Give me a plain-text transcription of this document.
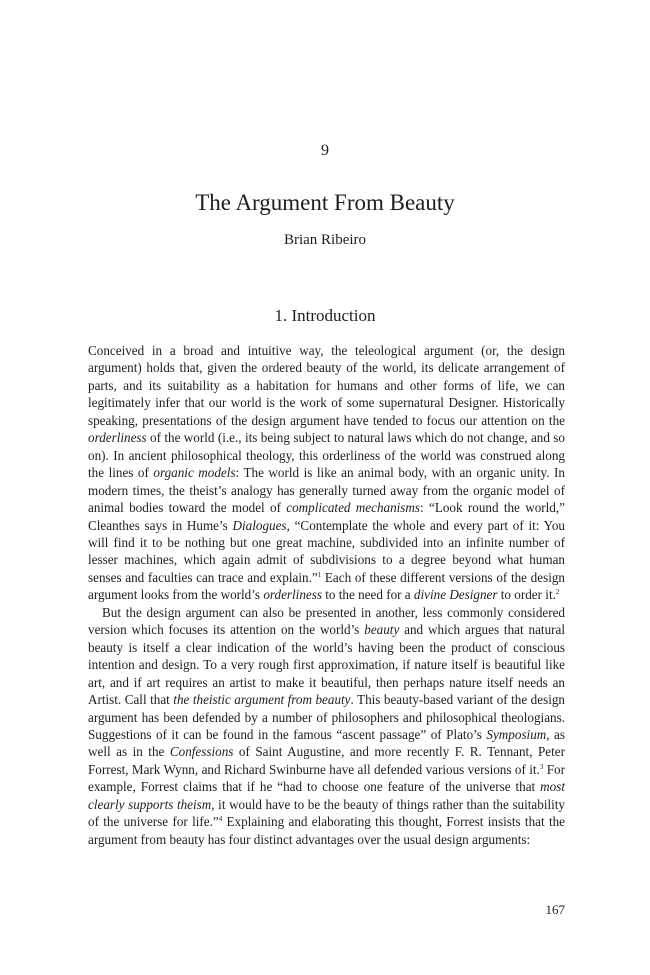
9
The Argument From Beauty
Brian Ribeiro
1. Introduction

Conceived in a broad and intuitive way, the teleological argument (or, the design argument) holds that, given the ordered beauty of the world, its delicate arrangement of parts, and its suitability as a habitation for humans and other forms of life, we can legitimately infer that our world is the work of some supernatural Designer. Historically speaking, presentations of the design argument have tended to focus our attention on the orderliness of the world (i.e., its being subject to natural laws which do not change, and so on). In ancient philosophical theology, this orderliness of the world was construed along the lines of organic models: The world is like an animal body, with an organic unity. In modern times, the theist’s analogy has generally turned away from the organic model of animal bodies toward the model of complicated mechanisms: “Look round the world,” Cleanthes says in Hume’s Dialogues, “Contemplate the whole and every part of it: You will find it to be nothing but one great machine, subdivided into an infinite number of lesser machines, which again admit of subdivisions to a degree beyond what human senses and faculties can trace and explain.”$^1$ Each of these different versions of the design argument looks from the world’s orderliness to the need for a divine Designer to order it.$^2$

But the design argument can also be presented in another, less commonly considered version which focuses its attention on the world’s beauty and which argues that natural beauty is itself a clear indication of the world’s having been the product of conscious intention and design. To a very rough first approximation, if nature itself is beautiful like art, and if art requires an artist to make it beautiful, then perhaps nature itself needs an Artist. Call that the theistic argument from beauty. This beauty-based variant of the design argument has been defended by a number of philosophers and philosophical theologians. Suggestions of it can be found in the famous “ascent passage” of Plato’s Symposium, as well as in the Confessions of Saint Augustine, and more recently F. R. Tennant, Peter Forrest, Mark Wynn, and Richard Swinburne have all defended various versions of it.$^3$ For example, Forrest claims that if he “had to choose one feature of the universe that most clearly supports theism, it would have to be the beauty of things rather than the suitability of the universe for life.”$^4$ Explaining and elaborating this thought, Forrest insists that the argument from beauty has four distinct advantages over the usual design arguments:

167
